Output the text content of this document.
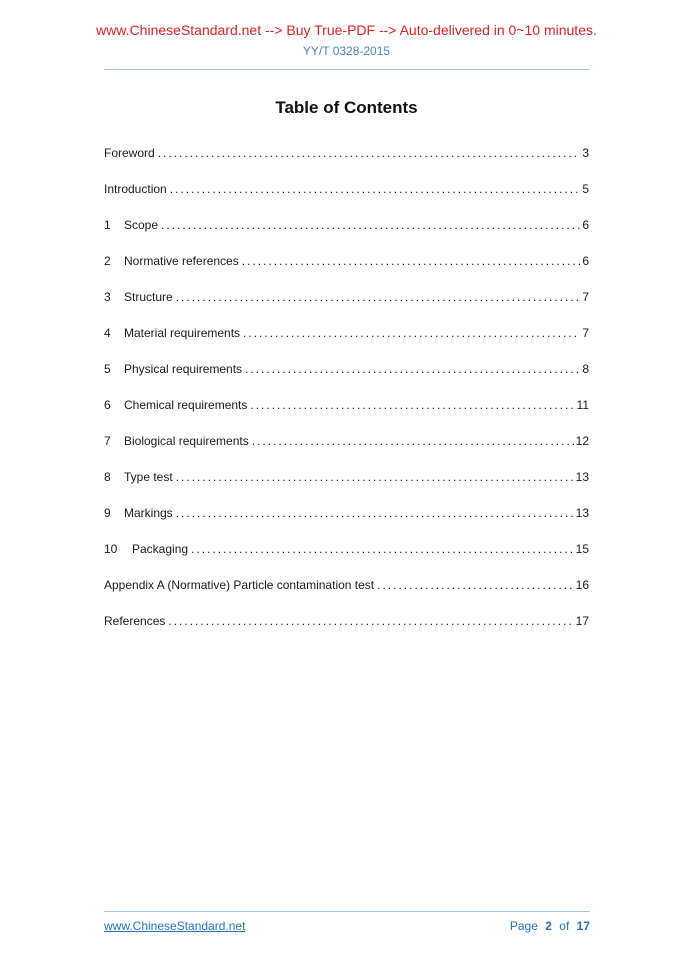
www.ChineseStandard.net --> Buy True-PDF --> Auto-delivered in 0~10 minutes.
YY/T 0328-2015
Table of Contents
Foreword .....	3
Introduction .....	5
1	Scope .....	6
2	Normative references .....	6
3	Structure .....	7
4	Material requirements .....	7
5	Physical requirements .....	8
6	Chemical requirements .....	11
7	Biological requirements .....	12
8	Type test .....	13
9	Markings .....	13
10	Packaging .....	15
Appendix A (Normative) Particle contamination test .....	16
References .....	17
www.ChineseStandard.net	Page 2 of 17
